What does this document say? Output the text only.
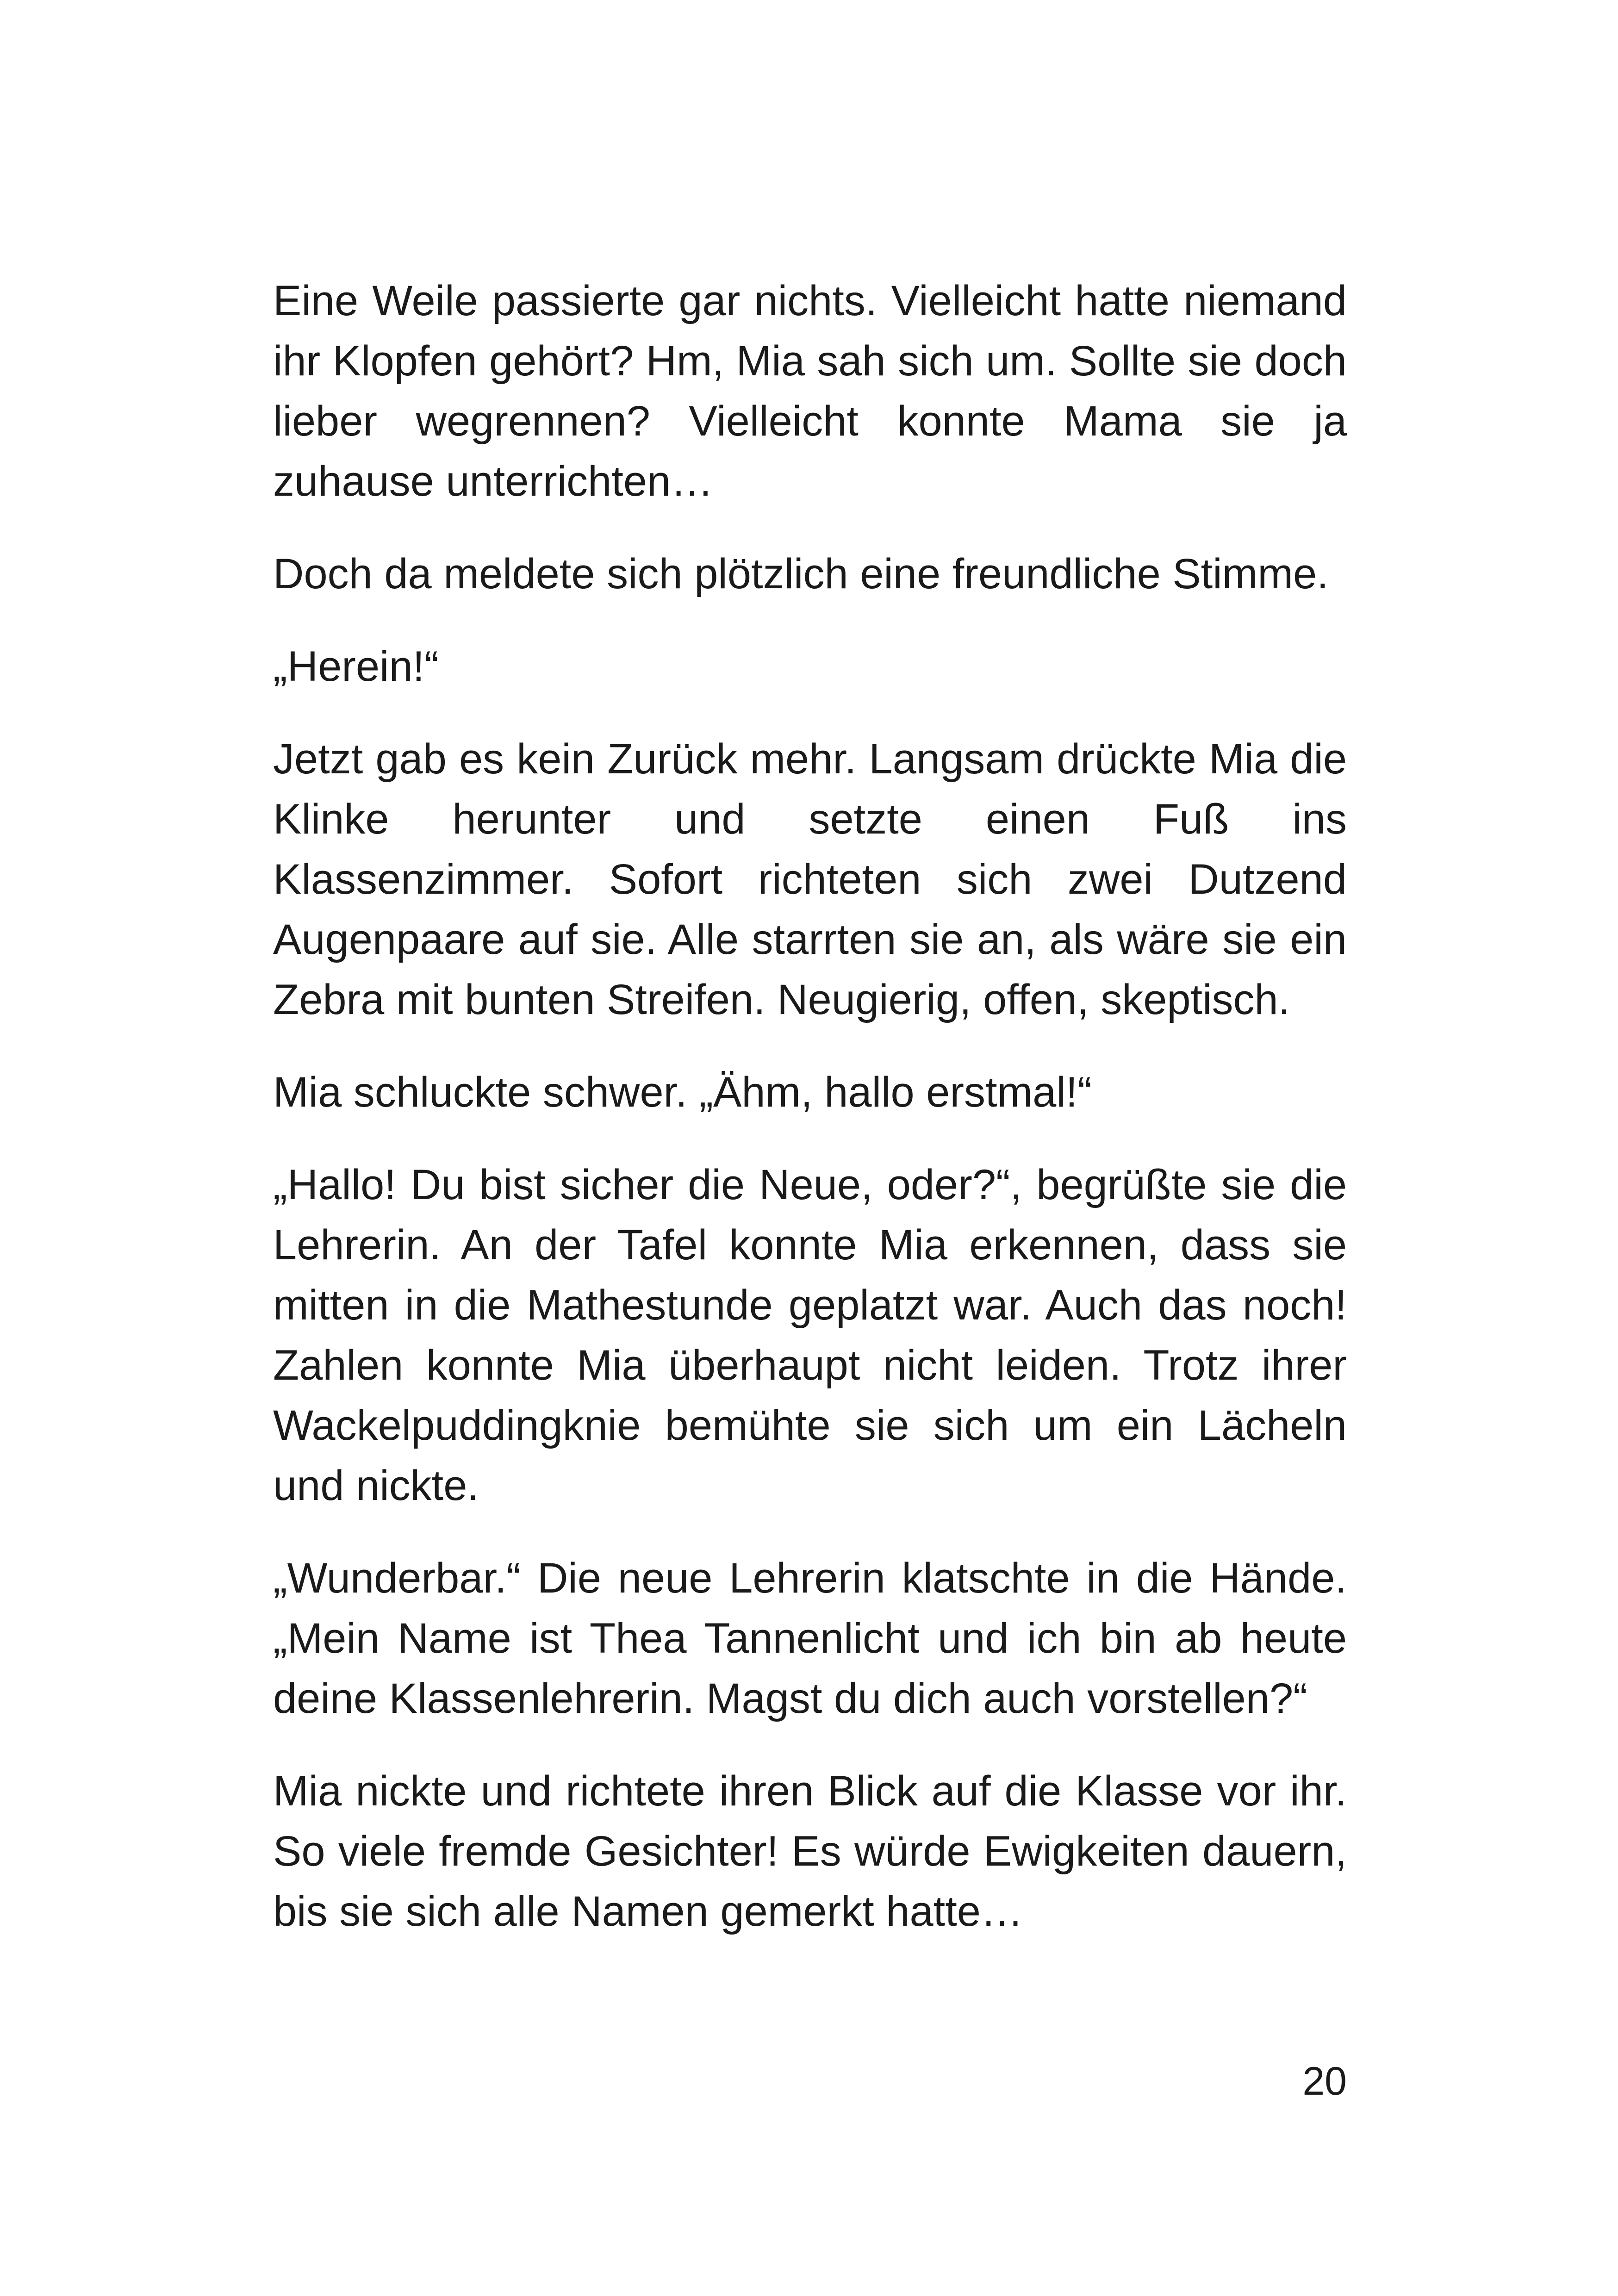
Eine Weile passierte gar nichts. Vielleicht hatte niemand ihr Klopfen gehört? Hm, Mia sah sich um. Sollte sie doch lieber wegrennen? Vielleicht konnte Mama sie ja zuhause unterrichten…

Doch da meldete sich plötzlich eine freundliche Stimme.

„Herein!“

Jetzt gab es kein Zurück mehr. Langsam drückte Mia die Klinke herunter und setzte einen Fuß ins Klassenzimmer. Sofort richteten sich zwei Dutzend Augenpaare auf sie. Alle starrten sie an, als wäre sie ein Zebra mit bunten Streifen. Neugierig, offen, skeptisch.

Mia schluckte schwer. „Ähm, hallo erstmal!“

„Hallo! Du bist sicher die Neue, oder?“, begrüßte sie die Lehrerin. An der Tafel konnte Mia erkennen, dass sie mitten in die Mathestunde geplatzt war. Auch das noch! Zahlen konnte Mia überhaupt nicht leiden. Trotz ihrer Wackelpuddingknie bemühte sie sich um ein Lächeln und nickte.

„Wunderbar.“ Die neue Lehrerin klatschte in die Hände. „Mein Name ist Thea Tannenlicht und ich bin ab heute deine Klassenlehrerin. Magst du dich auch vorstellen?“

Mia nickte und richtete ihren Blick auf die Klasse vor ihr. So viele fremde Gesichter! Es würde Ewigkeiten dauern, bis sie sich alle Namen gemerkt hatte…

20
